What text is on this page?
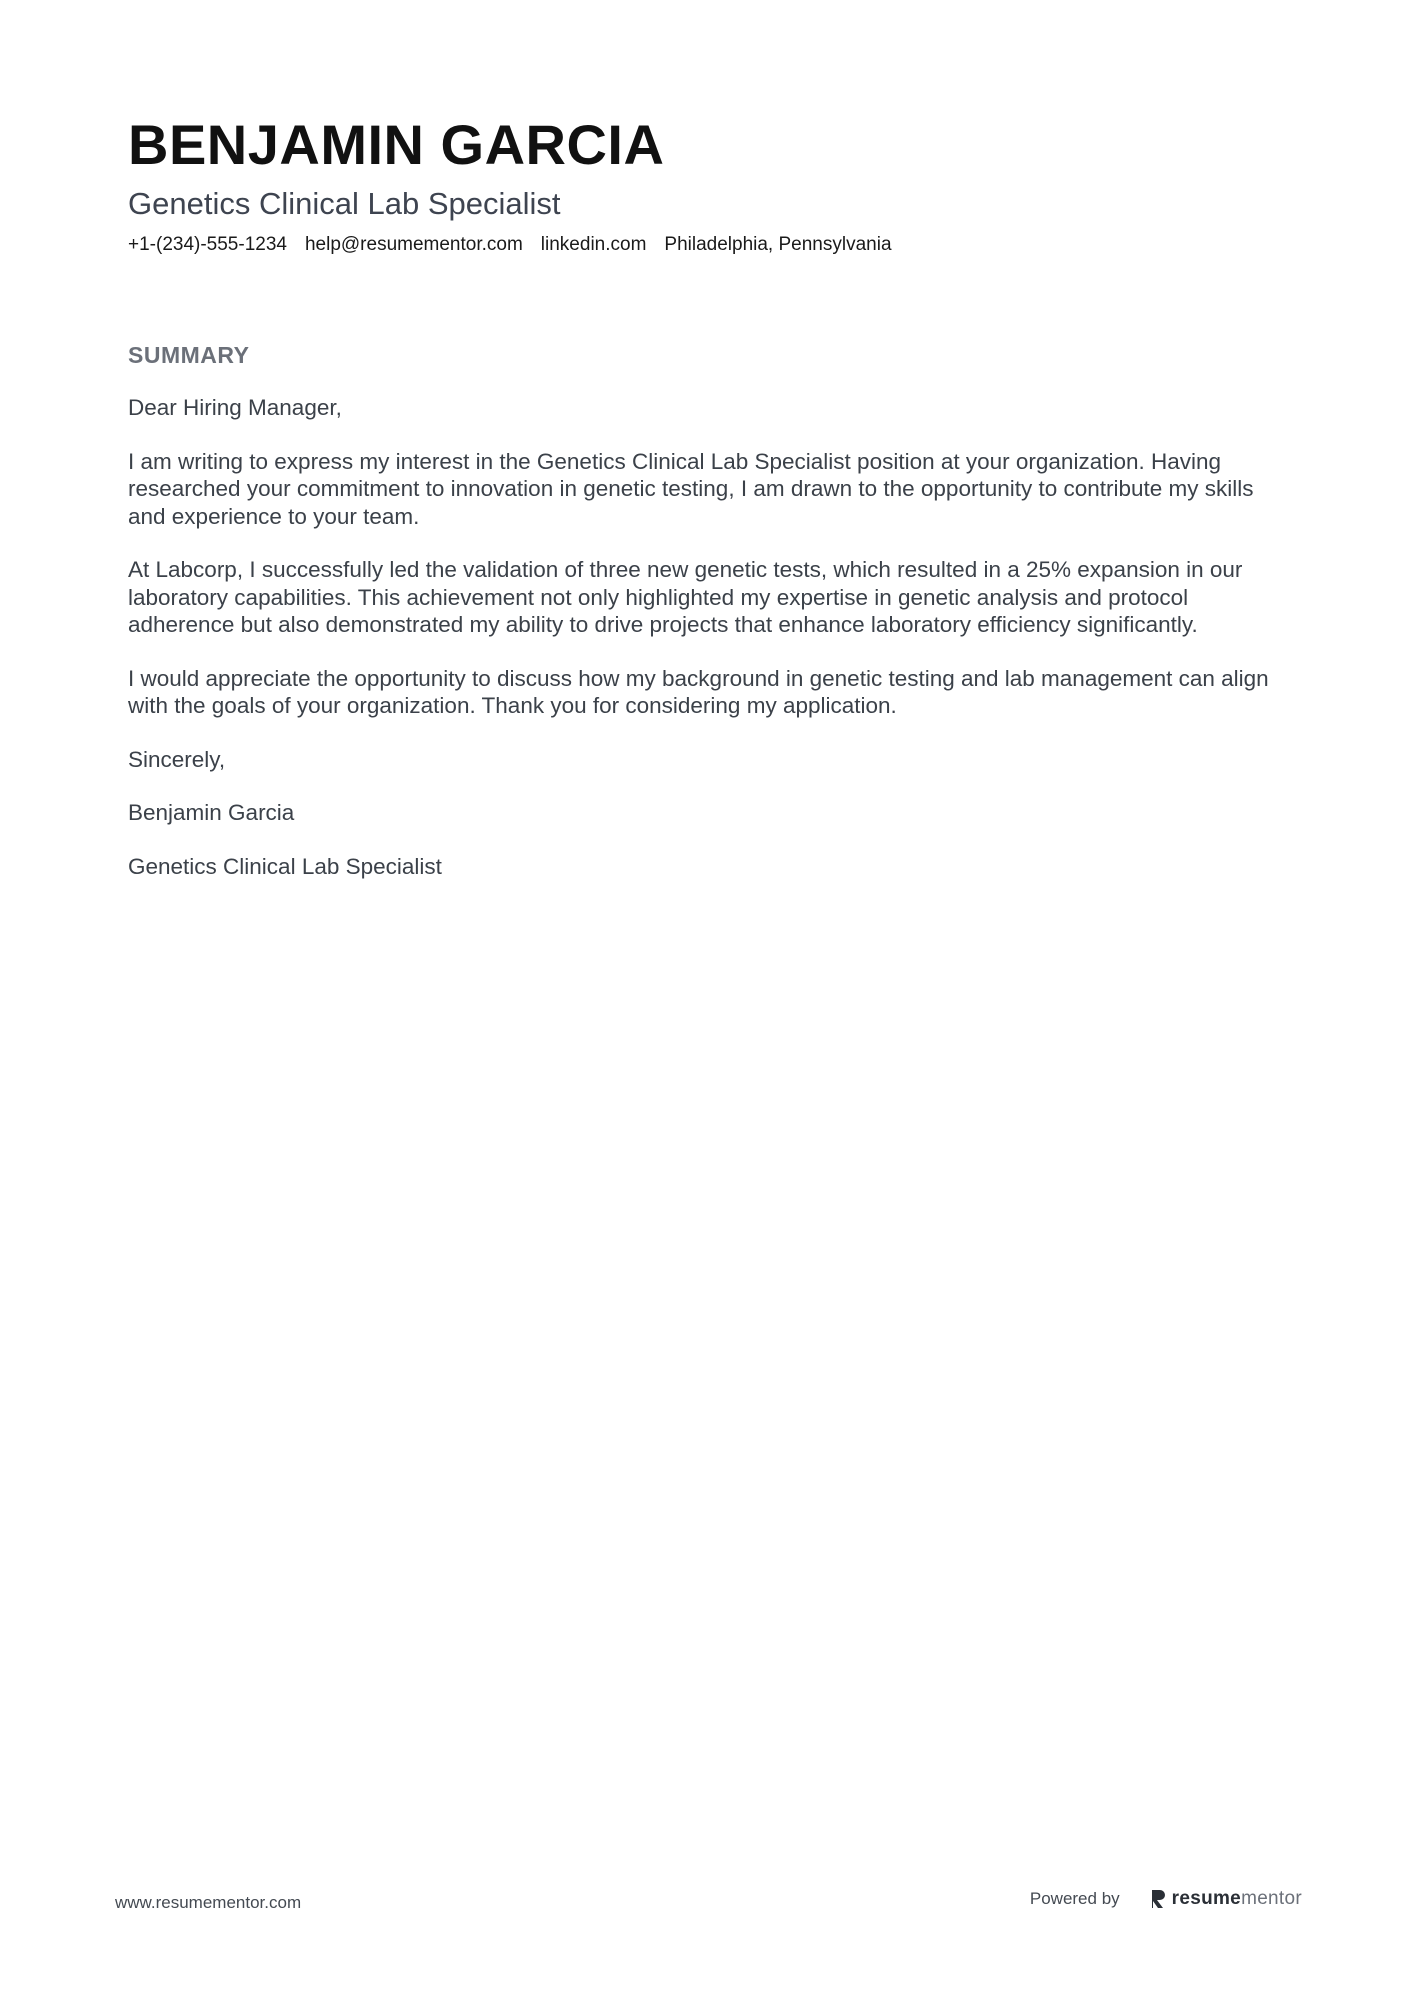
BENJAMIN GARCIA
Genetics Clinical Lab Specialist
+1-(234)-555-1234 help@resumementor.com linkedin.com Philadelphia, Pennsylvania
SUMMARY

Dear Hiring Manager,

I am writing to express my interest in the Genetics Clinical Lab Specialist position at your organization. Having researched your commitment to innovation in genetic testing, I am drawn to the opportunity to contribute my skills and experience to your team.

At Labcorp, I successfully led the validation of three new genetic tests, which resulted in a 25% expansion in our laboratory capabilities. This achievement not only highlighted my expertise in genetic analysis and protocol adherence but also demonstrated my ability to drive projects that enhance laboratory efficiency significantly.

I would appreciate the opportunity to discuss how my background in genetic testing and lab management can align with the goals of your organization. Thank you for considering my application.

Sincerely,

Benjamin Garcia

Genetics Clinical Lab Specialist

www.resumementor.com	Powered by	resumementor
